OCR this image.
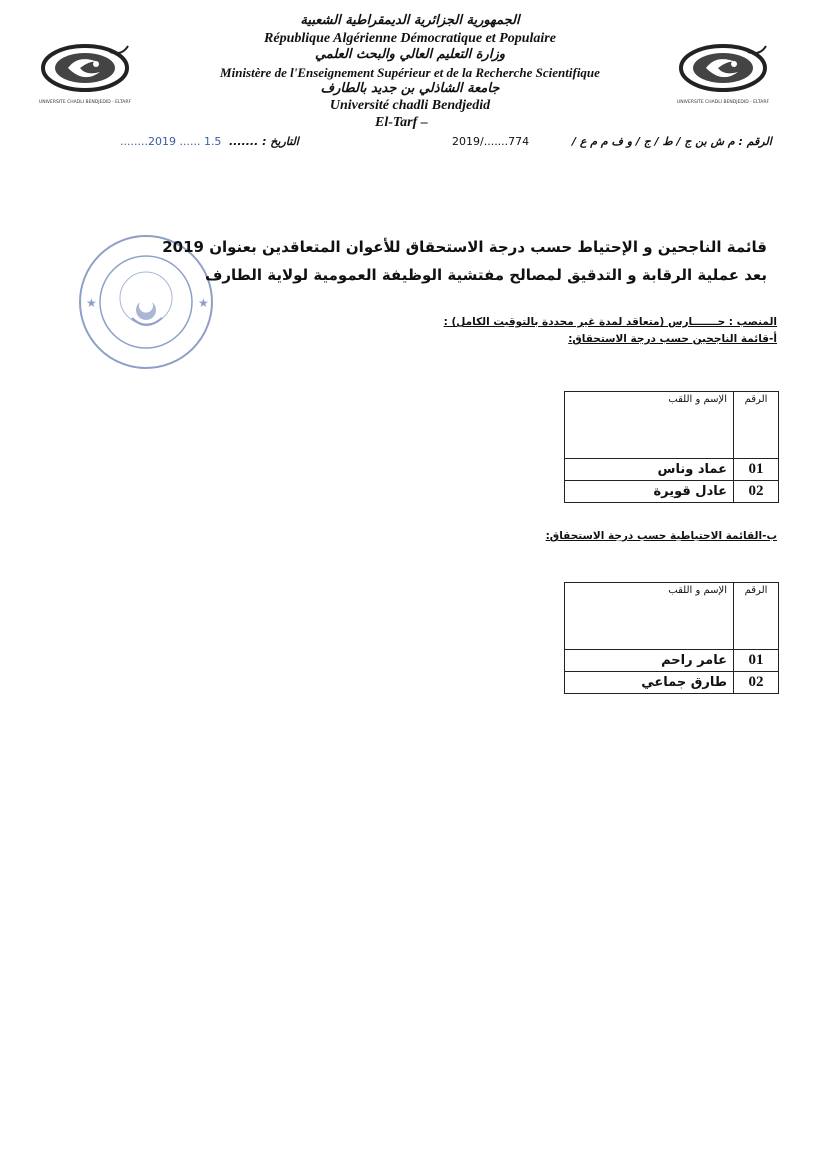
UNIVERSITE CHADLI BENDJEDID - ELTARF	UNIVERSITE CHADLI BENDJEDID - ELTARF
الجمهورية الجزائرية الديمقراطية الشعبية
République Algérienne Démocratique et Populaire
وزارة التعليم العالي والبحث العلمي
Ministère de l'Enseignement Supérieur et de la Recherche Scientifique
جامعة الشاذلي بن جديد بالطارف
Université chadli Bendjedid
El-Tarf –
........2019 ...... 1.5 التاريخ : .......	2019/.......774	الرقم : م ش بن ج / ط / ج / و ف م م ع /
★	★
قائمة الناجحين و الإحتياط حسب درجة الاستحقاق للأعوان المتعاقدين بعنوان 2019
بعد عملية الرقابة و التدقيق لمصالح مفتشية الوظيفة العمومية لولاية الطارف
المنصب : حـــــــارس (متعاقد لمدة غير محددة بالتوقيت الكامل) :
أ-قائمة الناجحين حسب درجة الاستحقاق:
الرقم	الإسم و اللقب
01	عماد وناس
02	عادل قويرة
ب-القائمة الاحتياطية حسب درجة الاستحقاق:
الرقم	الإسم و اللقب
01	عامر راحم
02	طارق جماعي
